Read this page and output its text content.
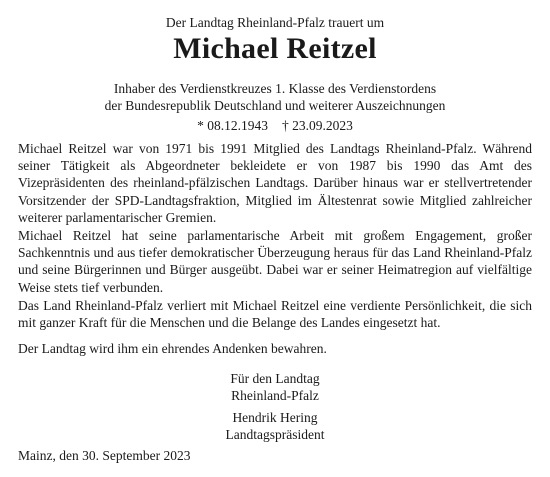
Der Landtag Rheinland-Pfalz trauert um
Michael Reitzel
Inhaber des Verdienstkreuzes 1. Klasse des Verdienstordens
der Bundesrepublik Deutschland und weiterer Auszeichnungen
* 08.12.1943 † 23.09.2023

Michael Reitzel war von 1971 bis 1991 Mitglied des Landtags Rheinland-Pfalz. Während seiner Tätigkeit als Abgeordneter bekleidete er von 1987 bis 1990 das Amt des Vizepräsidenten des rheinland-pfälzischen Landtags. Darüber hinaus war er stellvertretender Vorsitzender der SPD-Landtagsfraktion, Mitglied im Ältestenrat sowie Mitglied zahlreicher weiterer parlamentarischer Gremien.

Michael Reitzel hat seine parlamentarische Arbeit mit großem Engagement, großer Sachkenntnis und aus tiefer demokratischer Überzeugung heraus für das Land Rheinland-Pfalz und seine Bürgerinnen und Bürger ausgeübt. Dabei war er seiner Heimatregion auf vielfältige Weise stets tief verbunden.

Das Land Rheinland-Pfalz verliert mit Michael Reitzel eine verdiente Persönlichkeit, die sich mit ganzer Kraft für die Menschen und die Belange des Landes eingesetzt hat.

Der Landtag wird ihm ein ehrendes Andenken bewahren.

Für den Landtag
Rheinland-Pfalz
Hendrik Hering
Landtagspräsident
Mainz, den 30. September 2023
